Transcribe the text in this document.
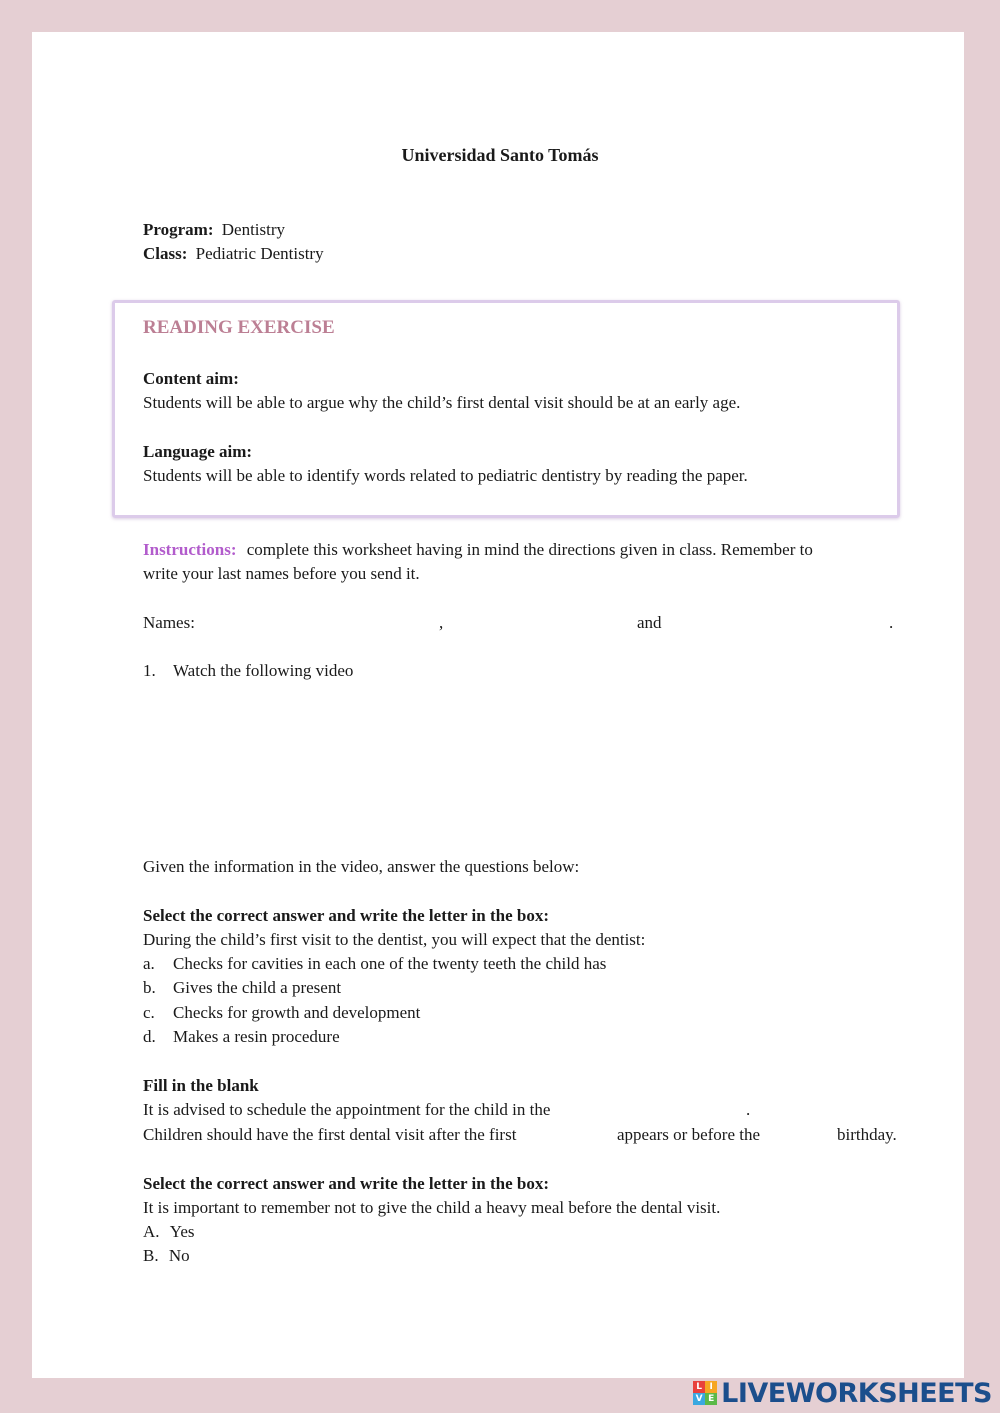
Universidad Santo Tomás
Program: Dentistry
Class: Pediatric Dentistry
READING EXERCISE
Content aim:
Students will be able to argue why the child’s first dental visit should be at an early age.
Language aim:
Students will be able to identify words related to pediatric dentistry by reading the paper.
Instructions: complete this worksheet having in mind the directions given in class. Remember to
write your last names before you send it.
Names:	,	and	.
1. Watch the following video
Given the information in the video, answer the questions below:
Select the correct answer and write the letter in the box:
During the child’s first visit to the dentist, you will expect that the dentist:
a. Checks for cavities in each one of the twenty teeth the child has
b. Gives the child a present
c. Checks for growth and development
d. Makes a resin procedure
Fill in the blank
It is advised to schedule the appointment for the child in the	.
Children should have the first dental visit after the first	appears or before the	birthday.
Select the correct answer and write the letter in the box:
It is important to remember not to give the child a heavy meal before the dental visit.
A. Yes
B. No
L I
V E LIVEWORKSHEETS
